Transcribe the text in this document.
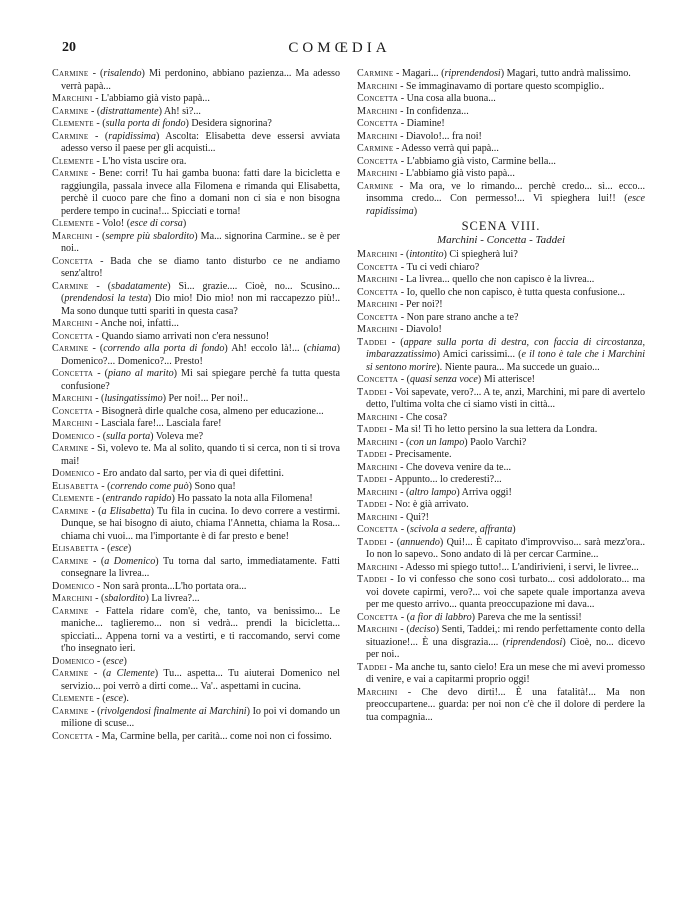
20	COMŒDIA

Carmine - (risalendo) Mi perdonino, abbiano pazienza... Ma adesso verrà papà...

Marchini - L'abbiamo già visto papà...

Carmine - (distrattamente) Ah! sì?...

Clemente - (sulla porta di fondo) Desidera signorina?

Carmine - (rapidissima) Ascolta: Elisabetta deve essersi avviata adesso verso il paese per gli acquisti...

Clemente - L'ho vista uscire ora.

Carmine - Bene: corri! Tu hai gamba buona: fatti dare la bicicletta e raggiungila, passala invece alla Filomena e rimanda qui Elisabetta, perchè il cuoco pare che fino a domani non ci sia e non bisogna perdere tempo in cucina!... Spicciati e torna!

Clemente - Volo! (esce di corsa)

Marchini - (sempre più sbalordito) Ma... signorina Carmine.. se è per noi..

Concetta - Bada che se diamo tanto disturbo ce ne andiamo senz'altro!

Carmine - (sbadatamente) Sì... grazie.... Cioè, no... Scusino... (prendendosi la testa) Dio mio! Dio mio! non mi raccapezzo più!.. Ma sono dunque tutti spariti in questa casa?

Marchini - Anche noi, infatti...

Concetta - Quando siamo arrivati non c'era nessuno!

Carmine - (correndo alla porta di fondo) Ah! eccolo là!... (chiama) Domenico?... Domenico?... Presto!

Concetta - (piano al marito) Mi sai spiegare perchè fa tutta questa confusione?

Marchini - (lusingatissimo) Per noi!... Per noi!..

Concetta - Bisognerà dirle qualche cosa, almeno per educazione...

Marchini - Lasciala fare!... Lasciala fare!

Domenico - (sulla porta) Voleva me?

Carmine - Sì, volevo te. Ma al solito, quando ti si cerca, non ti si trova mai!

Domenico - Ero andato dal sarto, per via di quei difettini.

Elisabetta - (correndo come può) Sono qua!

Clemente - (entrando rapido) Ho passato la nota alla Filomena!

Carmine - (a Elisabetta) Tu fila in cucina. Io devo correre a vestirmi. Dunque, se hai bisogno di aiuto, chiama l'Annetta, chiama la Rosa... chiama chi vuoi... ma l'importante è di far presto e bene!

Elisabetta - (esce)

Carmine - (a Domenico) Tu torna dal sarto, immediatamente. Fatti consegnare la livrea...

Domenico - Non sarà pronta...L'ho portata ora...

Marchini - (sbalordito) La livrea?...

Carmine - Fattela ridare com'è, che, tanto, va benissimo... Le maniche... taglieremo... non si vedrà... prendi la bicicletta... spicciati... Appena torni va a vestirti, e ti raccomando, servi come t'ho insegnato ieri.

Domenico - (esce)

Carmine - (a Clemente) Tu... aspetta... Tu aiuterai Domenico nel servizio... poi verrò a dirti come... Va'.. aspettami in cucina.

Clemente - (esce).

Carmine - (rivolgendosi finalmente ai Marchini) Io poi vi domando un milione di scuse...

Concetta - Ma, Carmine bella, per carità... come noi non ci fossimo.

Carmine - Magari... (riprendendosi) Magari, tutto andrà malissimo.

Marchini - Se immaginavamo di portare questo scompiglio..

Concetta - Una cosa alla buona...

Marchini - In confidenza...

Concetta - Diamine!

Marchini - Diavolo!... fra noi!

Carmine - Adesso verrà qui papà...

Concetta - L'abbiamo già visto, Carmine bella...

Marchini - L'abbiamo già visto papà...

Carmine - Ma ora, ve lo rimando... perchè credo... sì... ecco... insomma credo... Con permesso!... Vi spieghera lui!! (esce rapidissima)

SCENA VIII.
Marchini - Concetta - Taddei

Marchini - (intontito) Ci spiegherà lui?

Concetta - Tu ci vedi chiaro?

Marchini - La livrea... quello che non capisco è la livrea...

Concetta - Io, quello che non capisco, è tutta questa confusione...

Marchini - Per noi?!

Concetta - Non pare strano anche a te?

Marchini - Diavolo!

Taddei - (appare sulla porta di destra, con faccia di circostanza, imbarazzatissimo) Amici carissimi... (e il tono è tale che i Marchini si sentono morire). Niente paura... Ma succede un guaio...

Concetta - (quasi senza voce) Mi atterisce!

Taddei - Voi sapevate, vero?... A te, anzi, Marchini, mi pare di avertelo detto, l'ultima volta che ci siamo visti in città...

Marchini - Che cosa?

Taddei - Ma sì! Ti ho letto persino la sua lettera da Londra.

Marchini - (con un lampo) Paolo Varchi?

Taddei - Precisamente.

Marchini - Che doveva venire da te...

Taddei - Appunto... lo crederesti?...

Marchini - (altro lampo) Arriva oggi!

Taddei - No: è già arrivato.

Marchini - Qui?!

Concetta - (scivola a sedere, affranta)

Taddei - (annuendo) Qui!... È capitato d'improvviso... sarà mezz'ora.. Io non lo sapevo.. Sono andato di là per cercar Carmine...

Marchini - Adesso mi spiego tutto!... L'andirivieni, i servi, le livree...

Taddei - Io vi confesso che sono così turbato... così addolorato... ma voi dovete capirmi, vero?... voi che sapete quale importanza aveva per me questo arrivo... quanta preoccupazione mi dava...

Concetta - (a fior di labbro) Pareva che me la sentissi!

Marchini - (deciso) Senti, Taddei,: mi rendo perfettamente conto della situazione!... È una disgrazia.... (riprendendosi) Cioè, no... dicevo per noi..

Taddei - Ma anche tu, santo cielo! Era un mese che mi avevi promesso di venire, e vai a capitarmi proprio oggi!

Marchini - Che devo dirti!... È una fatalità!... Ma non preoccupartene... guarda: per noi non c'è che il dolore di perdere la tua compagnia...
